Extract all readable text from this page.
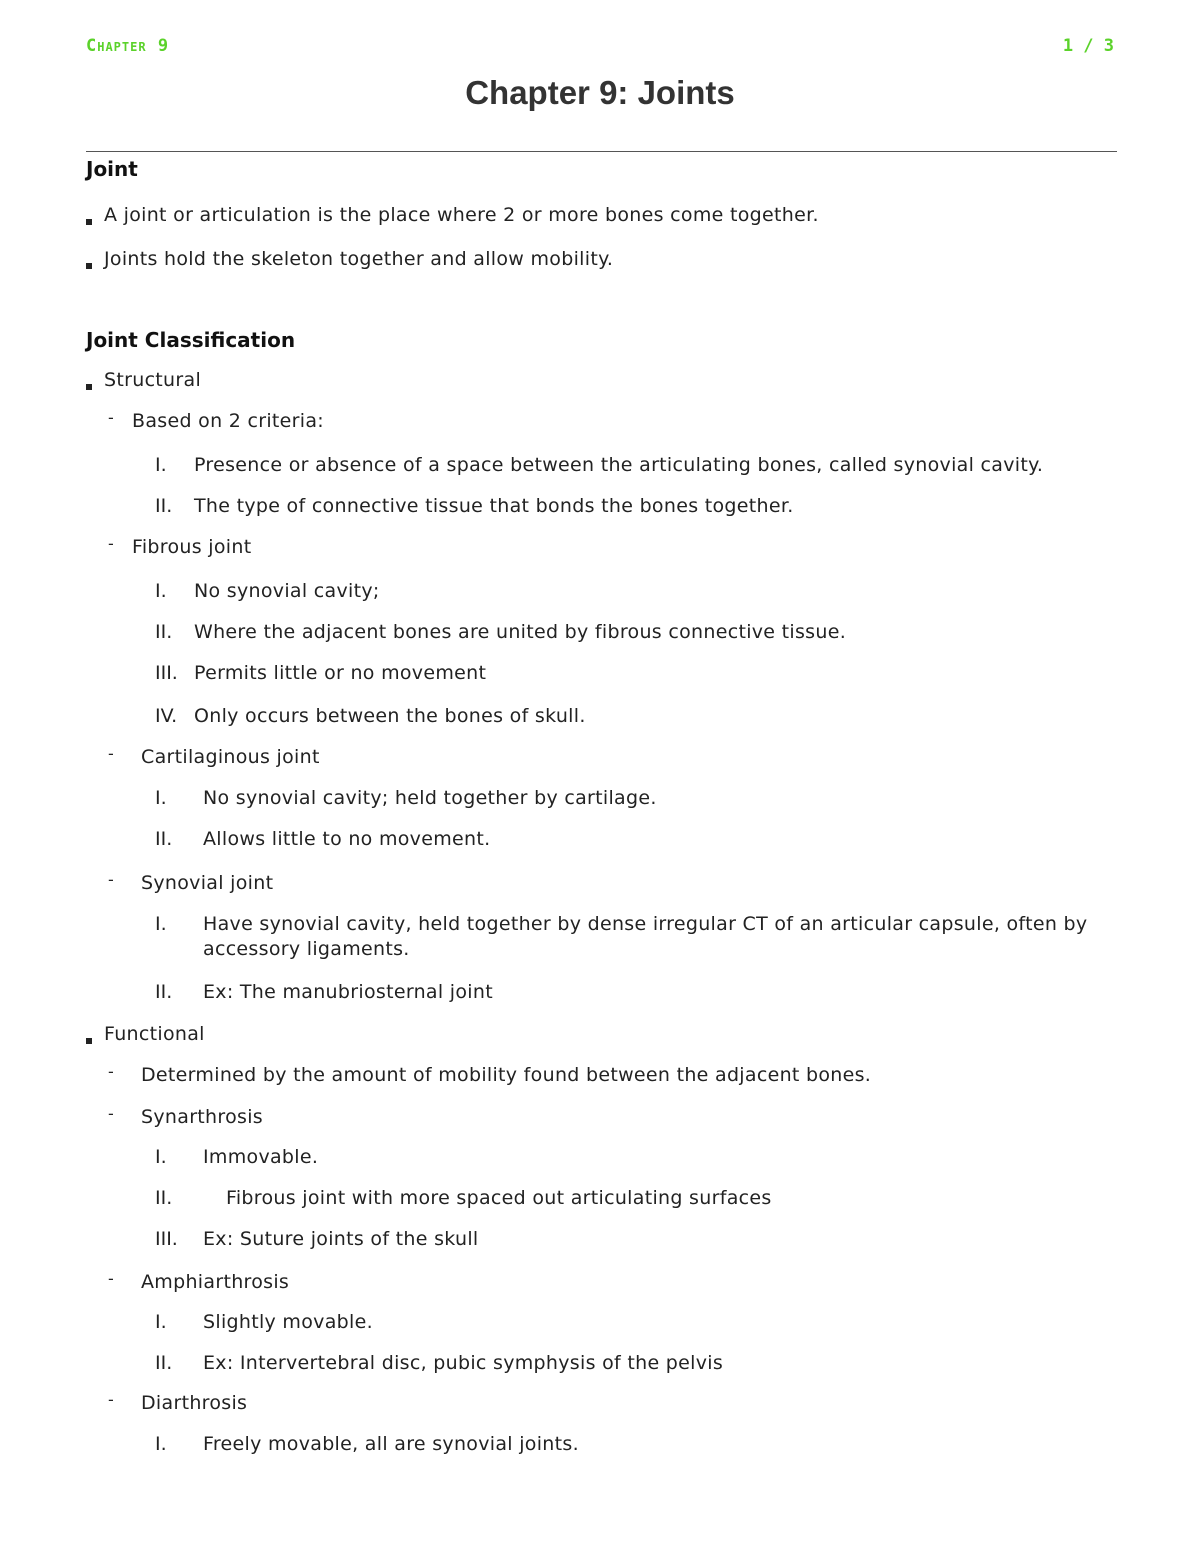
Chapter 9	1 / 3
Chapter 9: Joints
Joint
A joint or articulation is the place where 2 or more bones come together.
Joints hold the skeleton together and allow mobility.
Joint Classification
Structural
- Based on 2 criteria:
I. Presence or absence of a space between the articulating bones, called synovial cavity.
II. The type of connective tissue that bonds the bones together.
- Fibrous joint
I. No synovial cavity;
II. Where the adjacent bones are united by fibrous connective tissue.
III. Permits little or no movement
IV. Only occurs between the bones of skull.
- Cartilaginous joint
I. No synovial cavity; held together by cartilage.
II. Allows little to no movement.
- Synovial joint
I. Have synovial cavity, held together by dense irregular CT of an articular capsule, often by
accessory ligaments.
II. Ex: The manubriosternal joint
Functional
- Determined by the amount of mobility found between the adjacent bones.
- Synarthrosis
I. Immovable.
II.	Fibrous joint with more spaced out articulating surfaces
III. Ex: Suture joints of the skull
- Amphiarthrosis
I. Slightly movable.
II. Ex: Intervertebral disc, pubic symphysis of the pelvis
- Diarthrosis
I. Freely movable, all are synovial joints.
